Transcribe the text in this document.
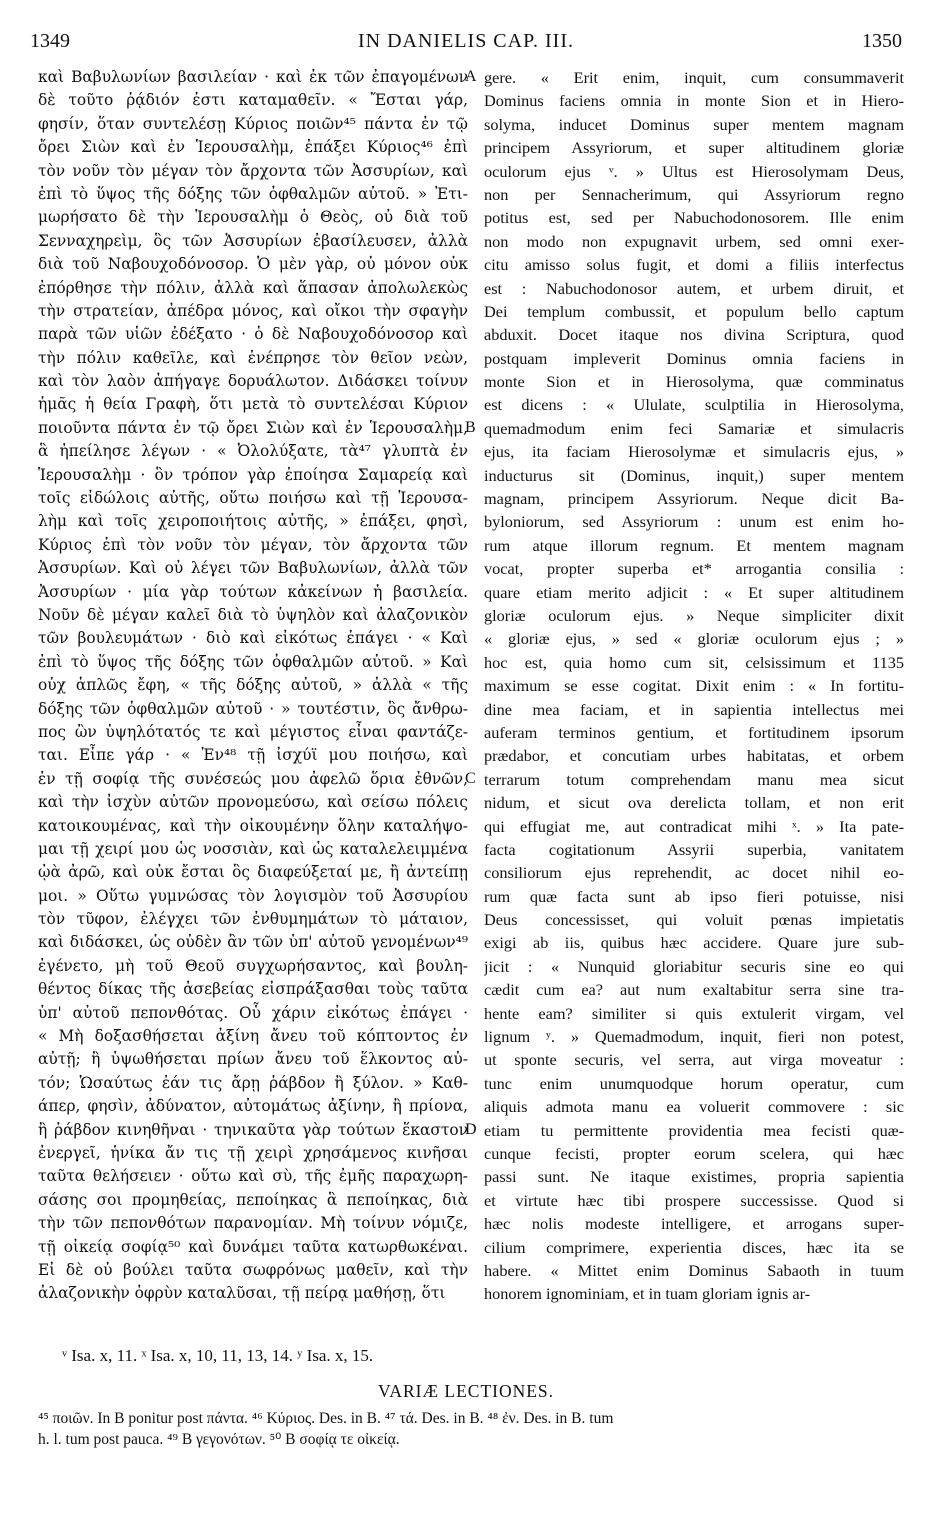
1349	IN DANIELIS CAP. III.	1350
καὶ Βαβυλωνίων βασιλείαν · καὶ ἐκ τῶν ἐπαγομένων
δὲ τοῦτο ῥᾴδιόν ἐστι καταμαθεῖν. « Ἔσται γάρ,
φησίν, ὅταν συντελέσῃ Κύριος ποιῶν⁴⁵ πάντα ἐν τῷ
ὄρει Σιὼν καὶ ἐν Ἱερουσαλὴμ, ἐπάξει Κύριος⁴⁶ ἐπὶ
τὸν νοῦν τὸν μέγαν τὸν ἄρχοντα τῶν Ἀσσυρίων, καὶ
ἐπὶ τὸ ὕψος τῆς δόξης τῶν ὀφθαλμῶν αὐτοῦ. » Ἐτι-
μωρήσατο δὲ τὴν Ἱερουσαλὴμ ὁ Θεὸς, οὐ διὰ τοῦ
Σενναχηρεὶμ, ὃς τῶν Ἀσσυρίων ἐβασίλευσεν, ἀλλὰ
διὰ τοῦ Ναβουχοδόνοσορ. Ὁ μὲν γὰρ, οὐ μόνον οὐκ
ἐπόρθησε τὴν πόλιν, ἀλλὰ καὶ ἅπασαν ἀπολωλεκὼς
τὴν στρατείαν, ἀπέδρα μόνος, καὶ οἴκοι τὴν σφαγὴν
παρὰ τῶν υἱῶν ἐδέξατο · ὁ δὲ Ναβουχοδόνοσορ καὶ
τὴν πόλιν καθεῖλε, καὶ ἐνέπρησε τὸν θεῖον νεὼν,
καὶ τὸν λαὸν ἀπήγαγε δορυάλωτον. Διδάσκει τοίνυν
ἡμᾶς ἡ θεία Γραφὴ, ὅτι μετὰ τὸ συντελέσαι Κύριον
ποιοῦντα πάντα ἐν τῷ ὄρει Σιὼν καὶ ἐν Ἱερουσαλὴμ,
ἃ ἠπείλησε λέγων · « Ὀλολύξατε, τὰ⁴⁷ γλυπτὰ ἐν
Ἱερουσαλὴμ · ὃν τρόπον γὰρ ἐποίησα Σαμαρείᾳ καὶ
τοῖς εἰδώλοις αὐτῆς, οὕτω ποιήσω καὶ τῇ Ἱερουσα-
λὴμ καὶ τοῖς χειροποιήτοις αὐτῆς, » ἐπάξει, φησὶ,
Κύριος ἐπὶ τὸν νοῦν τὸν μέγαν, τὸν ἄρχοντα τῶν
Ἀσσυρίων. Καὶ οὐ λέγει τῶν Βαβυλωνίων, ἀλλὰ τῶν
Ἀσσυρίων · μία γὰρ τούτων κἀκείνων ἡ βασιλεία.
Νοῦν δὲ μέγαν καλεῖ διὰ τὸ ὑψηλὸν καὶ ἀλαζονικὸν
τῶν βουλευμάτων · διὸ καὶ εἰκότως ἐπάγει · « Καὶ
ἐπὶ τὸ ὕψος τῆς δόξης τῶν ὀφθαλμῶν αὐτοῦ. » Καὶ
οὐχ ἁπλῶς ἔφη, « τῆς δόξης αὐτοῦ, » ἀλλὰ « τῆς
δόξης τῶν ὀφθαλμῶν αὐτοῦ · » τουτέστιν, ὃς ἄνθρω-
πος ὢν ὑψηλότατός τε καὶ μέγιστος εἶναι φαντάζε-
ται. Εἶπε γάρ · « Ἐν⁴⁸ τῇ ἰσχύϊ μου ποιήσω, καὶ
ἐν τῇ σοφίᾳ τῆς συνέσεώς μου ἀφελῶ ὅρια ἐθνῶν,
καὶ τὴν ἰσχὺν αὐτῶν προνομεύσω, καὶ σείσω πόλεις
κατοικουμένας, καὶ τὴν οἰκουμένην ὅλην καταλήψο-
μαι τῇ χειρί μου ὡς νοσσιὰν, καὶ ὡς καταλελειμμένα
ᾠὰ ἀρῶ, καὶ οὐκ ἔσται ὃς διαφεύξεταί με, ἢ ἀντείπῃ
μοι. » Οὕτω γυμνώσας τὸν λογισμὸν τοῦ Ἀσσυρίου
τὸν τῦφον, ἐλέγχει τῶν ἐνθυμημάτων τὸ μάταιον,
καὶ διδάσκει, ὡς οὐδὲν ἂν τῶν ὑπ' αὐτοῦ γενομένων⁴⁹
ἐγένετο, μὴ τοῦ Θεοῦ συγχωρήσαντος, καὶ βουλη-
θέντος δίκας τῆς ἀσεβείας εἰσπράξασθαι τοὺς ταῦτα
ὑπ' αὐτοῦ πεπονθότας. Οὗ χάριν εἰκότως ἐπάγει ·
« Μὴ δοξασθήσεται ἀξίνη ἄνευ τοῦ κόπτοντος ἐν
αὐτῇ; ἢ ὑψωθήσεται πρίων ἄνευ τοῦ ἕλκοντος αὐ-
τόν; Ὡσαύτως ἐάν τις ἄρῃ ῥάβδον ἢ ξύλον. » Καθ-
άπερ, φησὶν, ἀδύνατον, αὐτομάτως ἀξίνην, ἢ πρίονα,
ἢ ῥάβδον κινηθῆναι · τηνικαῦτα γὰρ τούτων ἕκαστον
ἐνεργεῖ, ἡνίκα ἄν τις τῇ χειρὶ χρησάμενος κινῆσαι
ταῦτα θελήσειεν · οὕτω καὶ σὺ, τῆς ἐμῆς παραχωρη-
σάσης σοι προμηθείας, πεποίηκας ἃ πεποίηκας, διὰ
τὴν τῶν πεπονθότων παρανομίαν. Μὴ τοίνυν νόμιζε,
τῇ οἰκείᾳ σοφίᾳ⁵⁰ καὶ δυνάμει ταῦτα κατωρθωκέναι.
Εἰ δὲ οὐ βούλει ταῦτα σωφρόνως μαθεῖν, καὶ τὴν
ἀλαζονικὴν ὀφρὺν καταλῦσαι, τῇ πείρᾳ μαθήσῃ, ὅτι
gere. « Erit enim, inquit, cum consummaverit
Dominus faciens omnia in monte Sion et in Hiero-
solyma, inducet Dominus super mentem magnam
principem Assyriorum, et super altitudinem gloriæ
oculorum ejus ᵛ. » Ultus est Hierosolymam Deus,
non per Sennacherimum, qui Assyriorum regno
potitus est, sed per Nabuchodonosorem. Ille enim
non modo non expugnavit urbem, sed omni exer-
citu amisso solus fugit, et domi a filiis interfectus
est : Nabuchodonosor autem, et urbem diruit, et
Dei templum combussit, et populum bello captum
abduxit. Docet itaque nos divina Scriptura, quod
postquam impleverit Dominus omnia faciens in
monte Sion et in Hierosolyma, quæ comminatus
est dicens : « Ululate, sculptilia in Hierosolyma,
quemadmodum enim feci Samariæ et simulacris
ejus, ita faciam Hierosolymæ et simulacris ejus, »
inducturus sit (Dominus, inquit,) super mentem
magnam, principem Assyriorum. Neque dicit Ba-
byloniorum, sed Assyriorum : unum est enim ho-
rum atque illorum regnum. Et mentem magnam
vocat, propter superba et* arrogantia consilia :
quare etiam merito adjicit : « Et super altitudinem
gloriæ oculorum ejus. » Neque simpliciter dixit
« gloriæ ejus, » sed « gloriæ oculorum ejus ; »
hoc est, quia homo cum sit, celsissimum et 1135
maximum se esse cogitat. Dixit enim : « In fortitu-
dine mea faciam, et in sapientia intellectus mei
auferam terminos gentium, et fortitudinem ipsorum
prædabor, et concutiam urbes habitatas, et orbem
terrarum totum comprehendam manu mea sicut
nidum, et sicut ova derelicta tollam, et non erit
qui effugiat me, aut contradicat mihi ˣ. » Ita pate-
facta cogitationum Assyrii superbia, vanitatem
consiliorum ejus reprehendit, ac docet nihil eo-
rum quæ facta sunt ab ipso fieri potuisse, nisi
Deus concessisset, qui voluit pœnas impietatis
exigi ab iis, quibus hæc accidere. Quare jure sub-
jicit : « Nunquid gloriabitur securis sine eo qui
cædit cum ea? aut num exaltabitur serra sine tra-
hente eam? similiter si quis extulerit virgam, vel
lignum ʸ. » Quemadmodum, inquit, fieri non potest,
ut sponte securis, vel serra, aut virga moveatur :
tunc enim unumquodque horum operatur, cum
aliquis admota manu ea voluerit commovere : sic
etiam tu permittente providentia mea fecisti quæ-
cunque fecisti, propter eorum scelera, qui hæc
passi sunt. Ne itaque existimes, propria sapientia
et virtute hæc tibi prospere successisse. Quod si
hæc nolis modeste intelligere, et arrogans super-
cilium comprimere, experientia disces, hæc ita se
habere. « Mittet enim Dominus Sabaoth in tuum
honorem ignominiam, et in tuam gloriam ignis ar-
A
B
C
D
ᵛ Isa. x, 11. ˣ Isa. x, 10, 11, 13, 14. ʸ Isa. x, 15.
VARIÆ LECTIONES.
⁴⁵ ποιῶν. In B ponitur post πάντα. ⁴⁶ Κύριος. Des. in B. ⁴⁷ τά. Des. in B. ⁴⁸ ἐν. Des. in B. tum
h. l. tum post pauca. ⁴⁹ B γεγονότων. ⁵⁰ B σοφίᾳ τε οἰκείᾳ.
